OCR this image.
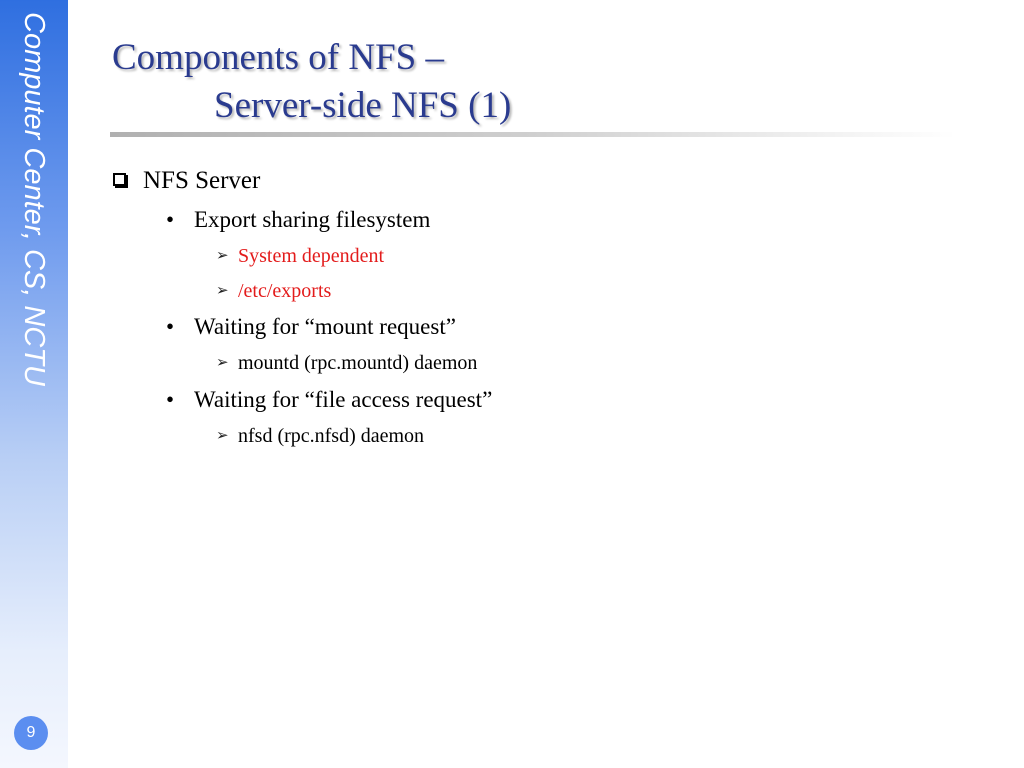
Computer Center, CS, NCTU
9
Components of NFS –
Server-side NFS (1)
NFS Server
• Export sharing filesystem
➢ System dependent
➢ /etc/exports
• Waiting for “mount request”
➢ mountd (rpc.mountd) daemon
• Waiting for “file access request”
➢ nfsd (rpc.nfsd) daemon
